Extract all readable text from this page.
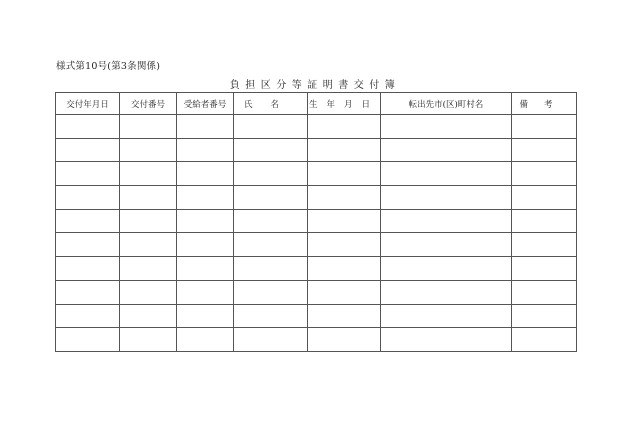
様式第10号(第3条関係)
負担区分等証明書交付簿
交付年月日	交付番号	受給者番号	氏名	生年月日	転出先市(区)町村名	備考
